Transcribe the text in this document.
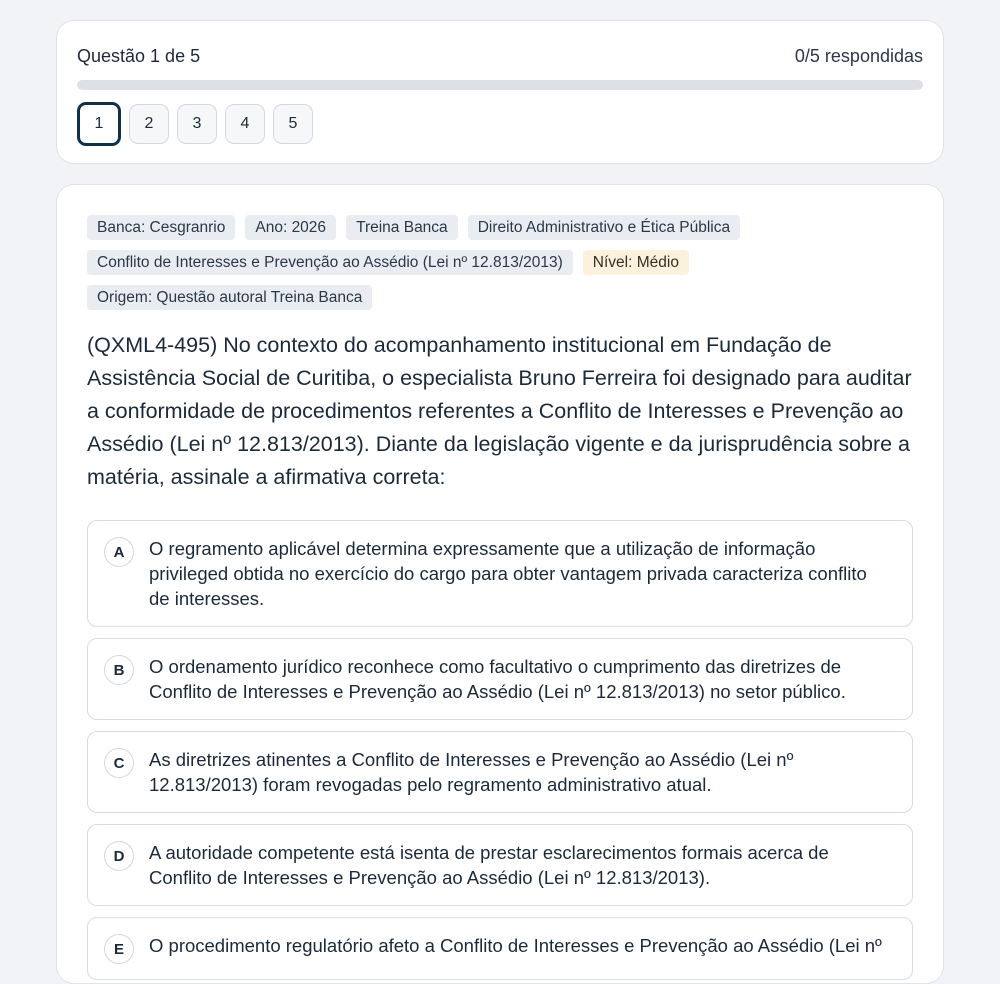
Questão 1 de 5	0/5 respondidas
1	2	3	4	5
Banca: Cesgranrio	Ano: 2026	Treina Banca	Direito Administrativo e Ética Pública
Conflito de Interesses e Prevenção ao Assédio (Lei nº 12.813/2013)	Nível: Médio
Origem: Questão autoral Treina Banca

(QXML4-495) No contexto do acompanhamento institucional em Fundação de Assistência Social de Curitiba, o especialista Bruno Ferreira foi designado para auditar a conformidade de procedimentos referentes a Conflito de Interesses e Prevenção ao Assédio (Lei nº 12.813/2013). Diante da legislação vigente e da jurisprudência sobre a matéria, assinale a afirmativa correta:

A	O regramento aplicável determina expressamente que a utilização de informação privileged obtida no exercício do cargo para obter vantagem privada caracteriza conflito de interesses.
B	O ordenamento jurídico reconhece como facultativo o cumprimento das diretrizes de Conflito de Interesses e Prevenção ao Assédio (Lei nº 12.813/2013) no setor público.
C	As diretrizes atinentes a Conflito de Interesses e Prevenção ao Assédio (Lei nº 12.813/2013) foram revogadas pelo regramento administrativo atual.
D	A autoridade competente está isenta de prestar esclarecimentos formais acerca de Conflito de Interesses e Prevenção ao Assédio (Lei nº 12.813/2013).
E	O procedimento regulatório afeto a Conflito de Interesses e Prevenção ao Assédio (Lei nº
